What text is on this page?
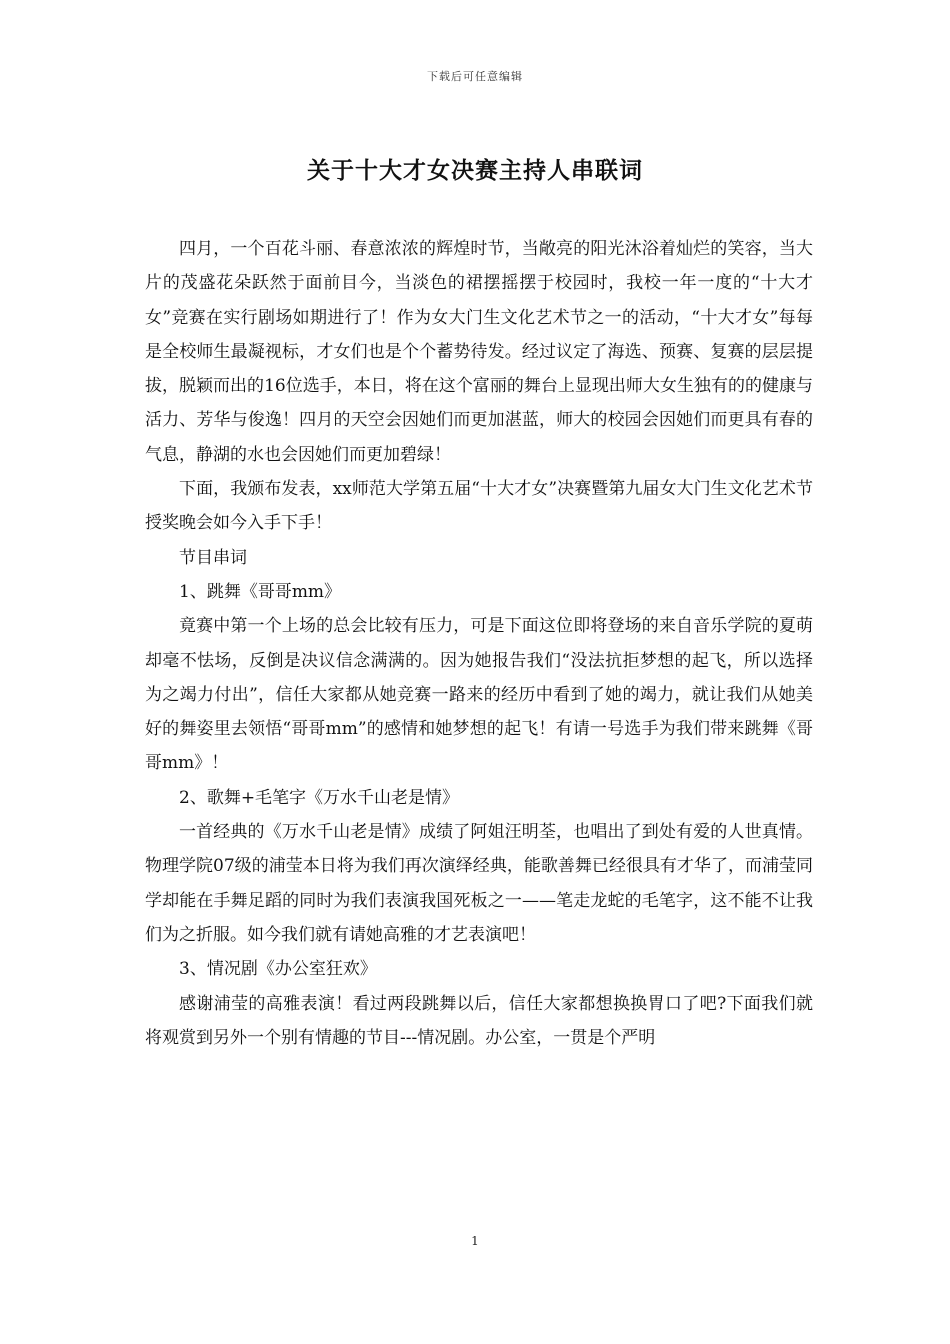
下载后可任意编辑
关于十大才女决赛主持人串联词

四月，一个百花斗丽、春意浓浓的辉煌时节，当敞亮的阳光沐浴着灿烂的笑容，当大片的茂盛花朵跃然于面前目今，当淡色的裙摆摇摆于校园时，我校一年一度的“十大才女”竞赛在实行剧场如期进行了！作为女大门生文化艺术节之一的活动，“十大才女”每每是全校师生最凝视标，才女们也是个个蓄势待发。经过议定了海选、预赛、复赛的层层提拔，脱颖而出的16位选手，本日，将在这个富丽的舞台上显现出师大女生独有的的健康与活力、芳华与俊逸！四月的天空会因她们而更加湛蓝，师大的校园会因她们而更具有春的气息，静湖的水也会因她们而更加碧绿！

下面，我颁布发表，xx师范大学第五届“十大才女”决赛暨第九届女大门生文化艺术节授奖晚会如今入手下手！

节目串词

1、跳舞《哥哥mm》

竟赛中第一个上场的总会比较有压力，可是下面这位即将登场的来自音乐学院的夏萌却毫不怯场，反倒是决议信念满满的。因为她报告我们“没法抗拒梦想的起飞，所以选择为之竭力付出”，信任大家都从她竞赛一路来的经历中看到了她的竭力，就让我们从她美好的舞姿里去领悟“哥哥mm”的感情和她梦想的起飞！有请一号选手为我们带来跳舞《哥哥mm》！

2、歌舞+毛笔字《万水千山老是情》

一首经典的《万水千山老是情》成绩了阿姐汪明荃，也唱出了到处有爱的人世真情。物理学院07级的浦莹本日将为我们再次演绎经典，能歌善舞已经很具有才华了，而浦莹同学却能在手舞足蹈的同时为我们表演我国死板之一——笔走龙蛇的毛笔字，这不能不让我们为之折服。如今我们就有请她高雅的才艺表演吧！

3、情况剧《办公室狂欢》

感谢浦莹的高雅表演！看过两段跳舞以后，信任大家都想换换胃口了吧?下面我们就将观赏到另外一个别有情趣的节目---情况剧。办公室，一贯是个严明

1
